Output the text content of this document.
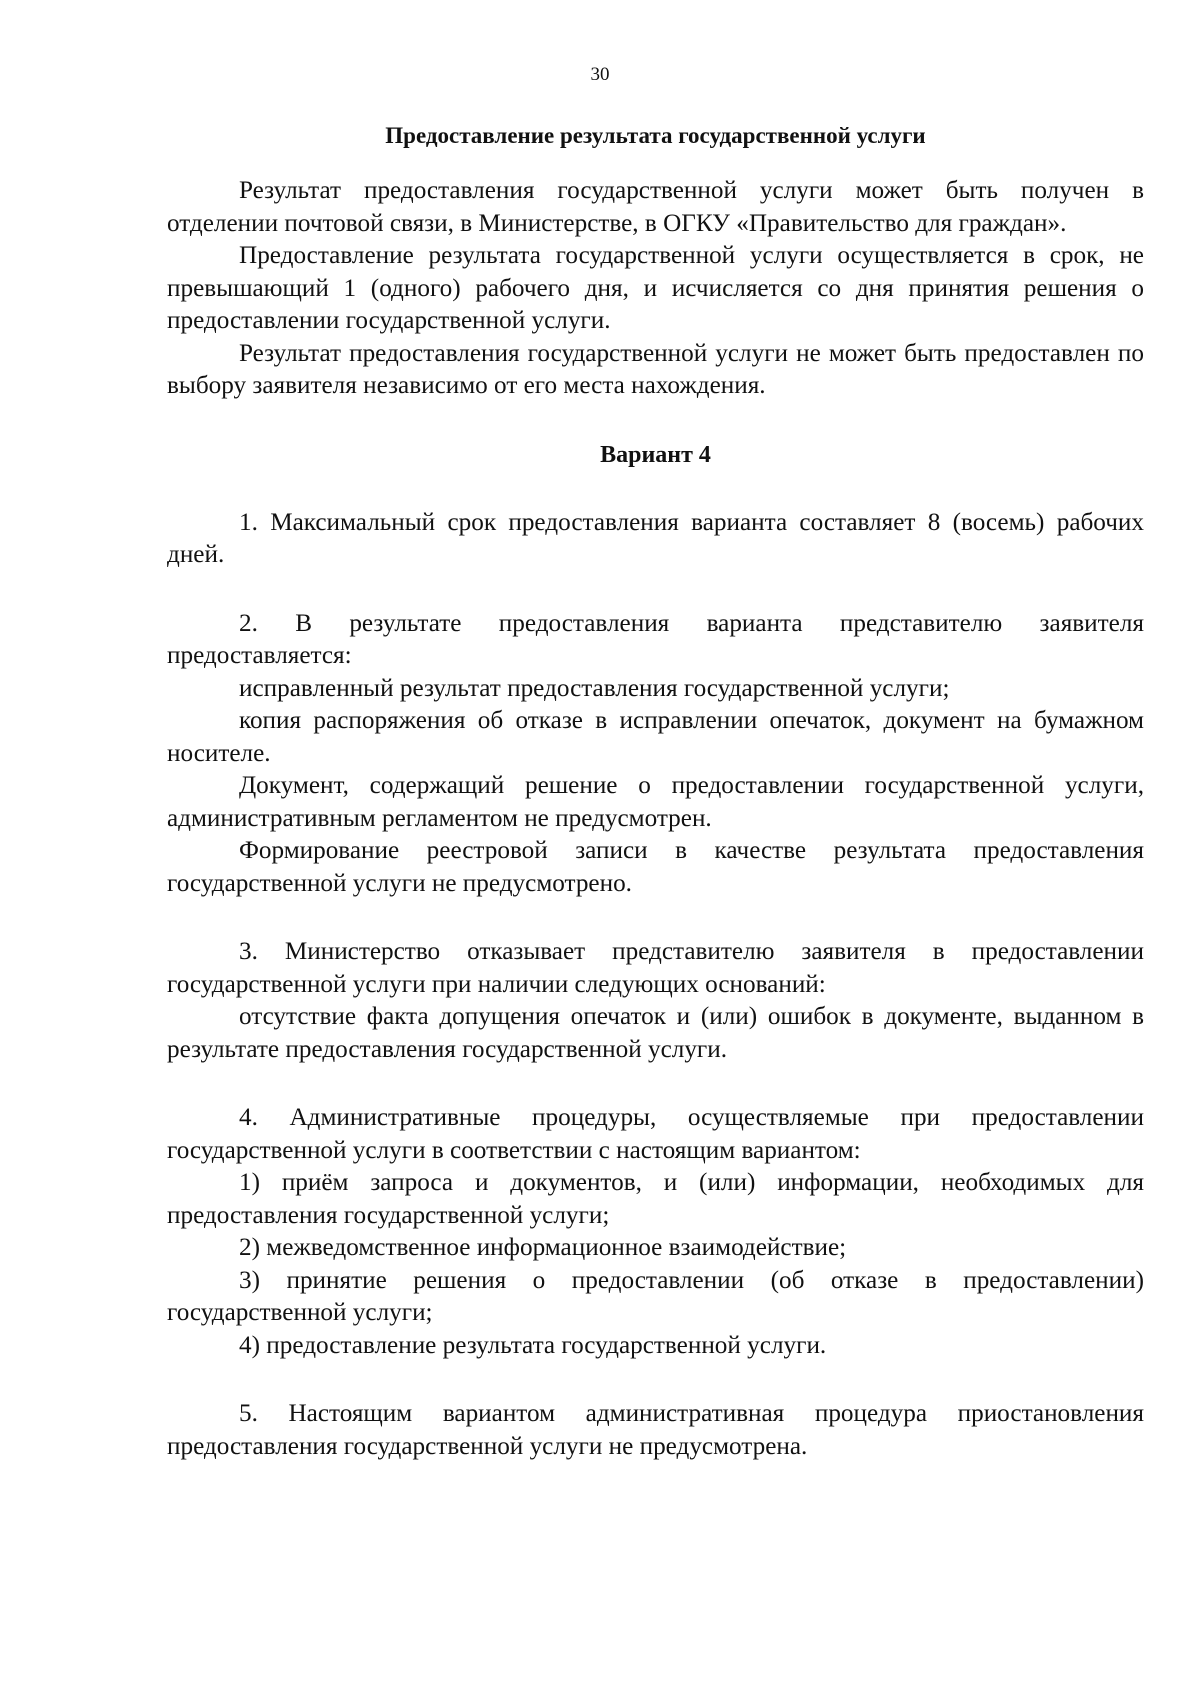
30
Предоставление результата государственной услуги

Результат предоставления государственной услуги может быть получен в отделении почтовой связи, в Министерстве, в ОГКУ «Правительство для граждан».

Предоставление результата государственной услуги осуществляется в срок, не превышающий 1 (одного) рабочего дня, и исчисляется со дня принятия решения о предоставлении государственной услуги.

Результат предоставления государственной услуги не может быть предоставлен по выбору заявителя независимо от его места нахождения.

Вариант 4

1. Максимальный срок предоставления варианта составляет 8 (восемь) рабочих дней.

2. В результате предоставления варианта представителю заявителя предоставляется:

исправленный результат предоставления государственной услуги;

копия распоряжения об отказе в исправлении опечаток, документ на бумажном носителе.

Документ, содержащий решение о предоставлении государственной услуги, административным регламентом не предусмотрен.

Формирование реестровой записи в качестве результата предоставления государственной услуги не предусмотрено.

3. Министерство отказывает представителю заявителя в предоставлении государственной услуги при наличии следующих оснований:

отсутствие факта допущения опечаток и (или) ошибок в документе, выданном в результате предоставления государственной услуги.

4. Административные процедуры, осуществляемые при предоставлении государственной услуги в соответствии с настоящим вариантом:

1) приём запроса и документов, и (или) информации, необходимых для предоставления государственной услуги;

2) межведомственное информационное взаимодействие;

3) принятие решения о предоставлении (об отказе в предоставлении) государственной услуги;

4) предоставление результата государственной услуги.

5. Настоящим вариантом административная процедура приостановления предоставления государственной услуги не предусмотрена.
